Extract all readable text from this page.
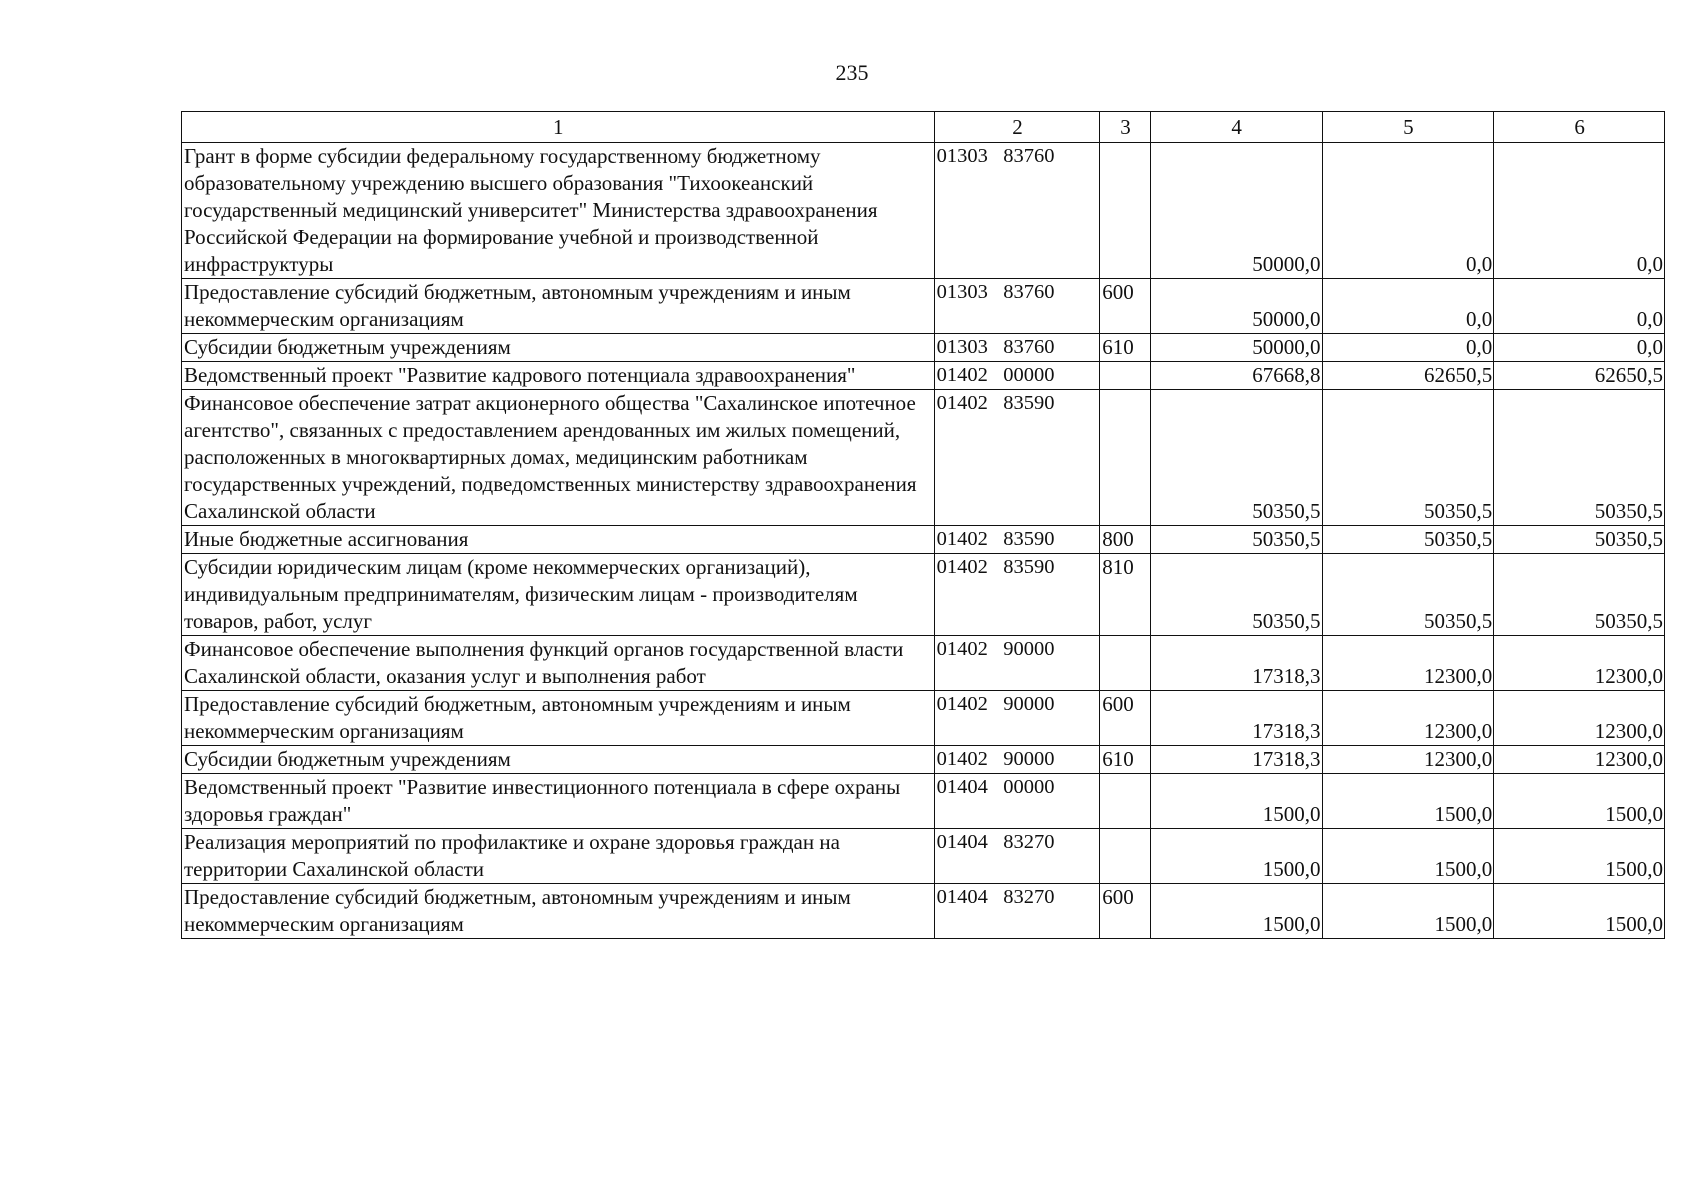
235
1	2	3	4	5	6
Грант в форме субсидии федеральному государственному бюджетному образовательному учреждению высшего образования "Тихоокеанский государственный медицинский университет" Министерства здравоохранения Российской Федерации на формирование учебной и производственной инфраструктуры	01303   83760		50000,0	0,0	0,0
Предоставление субсидий бюджетным, автономным учреждениям и иным некоммерческим организациям	01303   83760	600	50000,0	0,0	0,0
Субсидии бюджетным учреждениям	01303   83760	610	50000,0	0,0	0,0
Ведомственный проект "Развитие кадрового потенциала здравоохранения"	01402   00000		67668,8	62650,5	62650,5
Финансовое обеспечение затрат акционерного общества "Сахалинское ипотечное агентство", связанных с предоставлением арендованных им жилых помещений, расположенных в многоквартирных домах, медицинским работникам государственных учреждений, подведомственных министерству здравоохранения Сахалинской области	01402   83590		50350,5	50350,5	50350,5
Иные бюджетные ассигнования	01402   83590	800	50350,5	50350,5	50350,5
Субсидии юридическим лицам (кроме некоммерческих организаций), индивидуальным предпринимателям, физическим лицам - производителям товаров, работ, услуг	01402   83590	810	50350,5	50350,5	50350,5
Финансовое обеспечение выполнения функций органов государственной власти Сахалинской области, оказания услуг и выполнения работ	01402   90000		17318,3	12300,0	12300,0
Предоставление субсидий бюджетным, автономным учреждениям и иным некоммерческим организациям	01402   90000	600	17318,3	12300,0	12300,0
Субсидии бюджетным учреждениям	01402   90000	610	17318,3	12300,0	12300,0
Ведомственный проект "Развитие инвестиционного потенциала в сфере охраны здоровья граждан"	01404   00000		1500,0	1500,0	1500,0
Реализация мероприятий по профилактике и охране здоровья граждан на территории Сахалинской области	01404   83270		1500,0	1500,0	1500,0
Предоставление субсидий бюджетным, автономным учреждениям и иным некоммерческим организациям	01404   83270	600	1500,0	1500,0	1500,0
